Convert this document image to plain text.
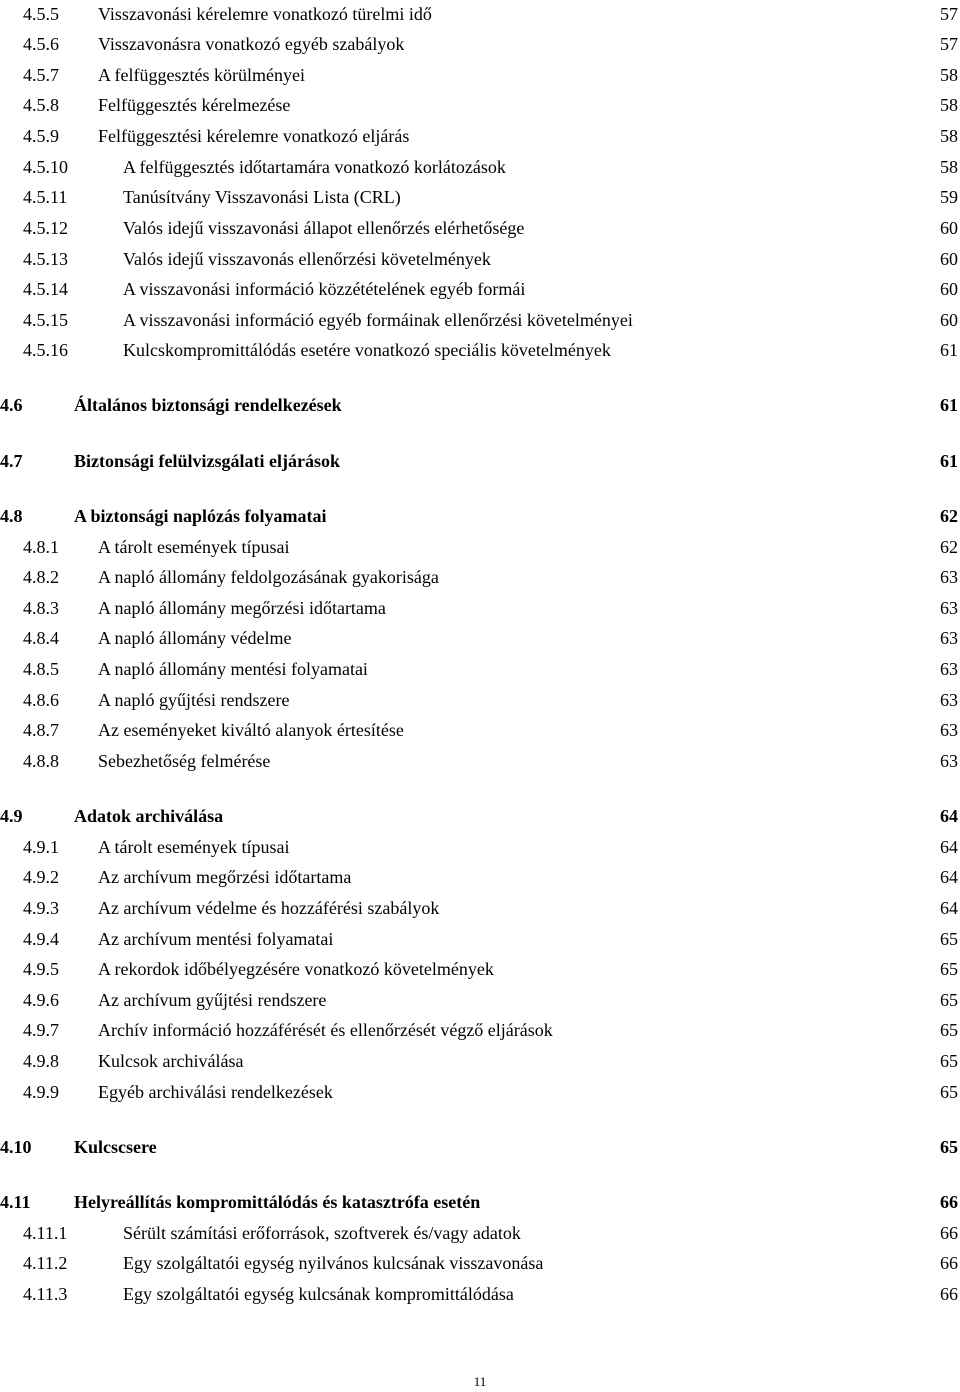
4.5.5 Visszavonási kérelemre vonatkozó türelmi idő	57
4.5.6 Visszavonásra vonatkozó egyéb szabályok	57
4.5.7 A felfüggesztés körülményei	58
4.5.8 Felfüggesztés kérelmezése	58
4.5.9 Felfüggesztési kérelemre vonatkozó eljárás	58
4.5.10	A felfüggesztés időtartamára vonatkozó korlátozások	58
4.5.11	Tanúsítvány Visszavonási Lista (CRL)	59
4.5.12	Valós idejű visszavonási állapot ellenőrzés elérhetősége	60
4.5.13	Valós idejű visszavonás ellenőrzési követelmények	60
4.5.14	A visszavonási információ közzétételének egyéb formái	60
4.5.15	A visszavonási információ egyéb formáinak ellenőrzési követelményei	60
4.5.16	Kulcskompromittálódás esetére vonatkozó speciális követelmények	61
4.6	Általános biztonsági rendelkezések	61
4.7	Biztonsági felülvizsgálati eljárások	61
4.8	A biztonsági naplózás folyamatai	62
4.8.1 A tárolt események típusai	62
4.8.2 A napló állomány feldolgozásának gyakorisága	63
4.8.3 A napló állomány megőrzési időtartama	63
4.8.4 A napló állomány védelme	63
4.8.5 A napló állomány mentési folyamatai	63
4.8.6 A napló gyűjtési rendszere	63
4.8.7 Az eseményeket kiváltó alanyok értesítése	63
4.8.8 Sebezhetőség felmérése	63
4.9	Adatok archiválása	64
4.9.1 A tárolt események típusai	64
4.9.2 Az archívum megőrzési időtartama	64
4.9.3 Az archívum védelme és hozzáférési szabályok	64
4.9.4 Az archívum mentési folyamatai	65
4.9.5 A rekordok időbélyegzésére vonatkozó követelmények	65
4.9.6 Az archívum gyűjtési rendszere	65
4.9.7 Archív információ hozzáférését és ellenőrzését végző eljárások	65
4.9.8 Kulcsok archiválása	65
4.9.9 Egyéb archiválási rendelkezések	65
4.10 Kulcscsere	65
4.11 Helyreállítás kompromittálódás és katasztrófa esetén	66
4.11.1	Sérült számítási erőforrások, szoftverek és/vagy adatok	66
4.11.2	Egy szolgáltatói egység nyilvános kulcsának visszavonása	66
4.11.3	Egy szolgáltatói egység kulcsának kompromittálódása	66
11
